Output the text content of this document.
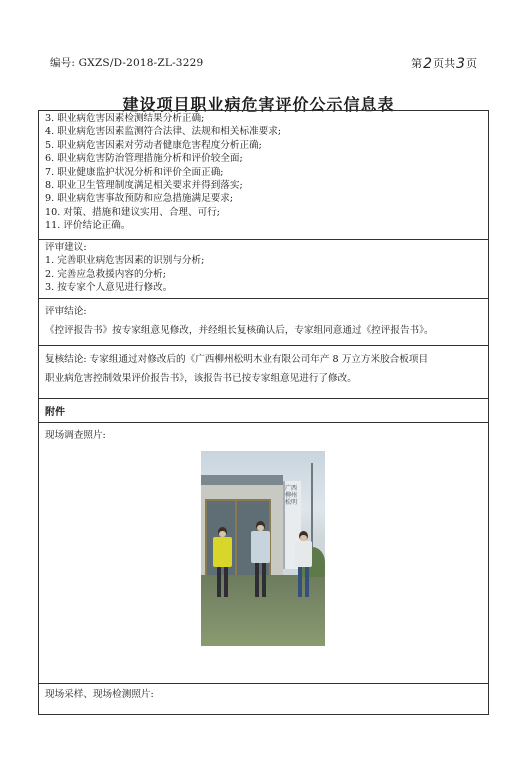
编号: GXZS/D-2018-ZL-3229	第2页共3页
建设项目职业病危害评价公示信息表
3. 职业病危害因素检测结果分析正确;
4. 职业病危害因素监测符合法律、法规和相关标准要求;
5. 职业病危害因素对劳动者健康危害程度分析正确;
6. 职业病危害防治管理措施分析和评价较全面;
7. 职业健康监护状况分析和评价全面正确;
8. 职业卫生管理制度满足相关要求并得到落实;
9. 职业病危害事故预防和应急措施满足要求;
10. 对策、措施和建议实用、合理、可行;
11. 评价结论正确。

评审建议:
1. 完善职业病危害因素的识别与分析;
2. 完善应急救援内容的分析;
3. 按专家个人意见进行修改。

评审结论:
《控评报告书》按专家组意见修改，并经组长复核确认后，专家组同意通过《控评报告书》。

复核结论: 专家组通过对修改后的《广西柳州松明木业有限公司年产 8 万立方米胶合板项目
职业病危害控制效果评价报告书》，该报告书已按专家组意见进行了修改。

附件

现场调查照片:
广西柳州松明

现场采样、现场检测照片:
